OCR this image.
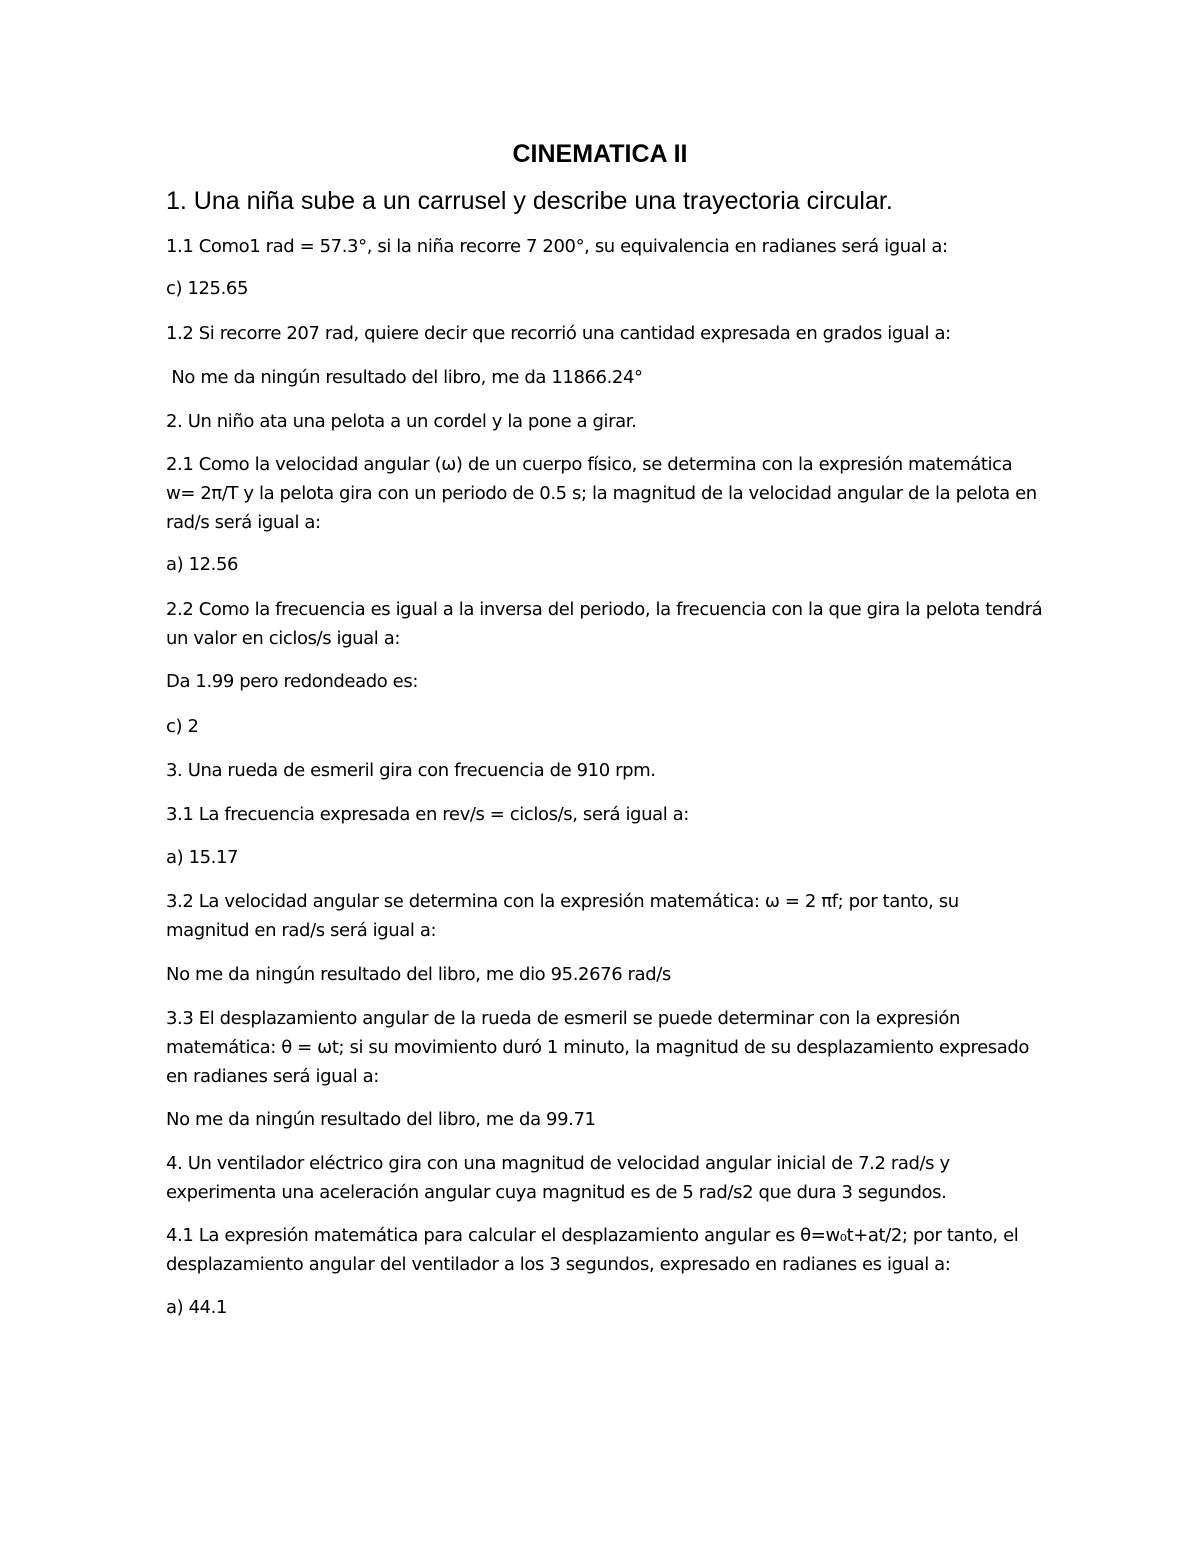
CINEMATICA II
1. Una niña sube a un carrusel y describe una trayectoria circular.

1.1 Como1 rad = 57.3°, si la niña recorre 7 200°, su equivalencia en radianes será igual a:

c) 125.65

1.2 Si recorre 207 rad, quiere decir que recorrió una cantidad expresada en grados igual a:

No me da ningún resultado del libro, me da 11866.24°

2. Un niño ata una pelota a un cordel y la pone a girar.

2.1 Como la velocidad angular (ω) de un cuerpo físico, se determina con la expresión matemática w= 2π/T y la pelota gira con un periodo de 0.5 s; la magnitud de la velocidad angular de la pelota en rad/s será igual a:

a) 12.56

2.2 Como la frecuencia es igual a la inversa del periodo, la frecuencia con la que gira la pelota tendrá un valor en ciclos/s igual a:

Da 1.99 pero redondeado es:

c) 2

3. Una rueda de esmeril gira con frecuencia de 910 rpm.

3.1 La frecuencia expresada en rev/s = ciclos/s, será igual a:

a) 15.17

3.2 La velocidad angular se determina con la expresión matemática: ω = 2 πf; por tanto, su magnitud en rad/s será igual a:

No me da ningún resultado del libro, me dio 95.2676 rad/s

3.3 El desplazamiento angular de la rueda de esmeril se puede determinar con la expresión matemática: θ = ωt; si su movimiento duró 1 minuto, la magnitud de su desplazamiento expresado en radianes será igual a:

No me da ningún resultado del libro, me da 99.71

4. Un ventilador eléctrico gira con una magnitud de velocidad angular inicial de 7.2 rad/s y experimenta una aceleración angular cuya magnitud es de 5 rad/s2 que dura 3 segundos.

4.1 La expresión matemática para calcular el desplazamiento angular es θ=w₀t+at/2; por tanto, el desplazamiento angular del ventilador a los 3 segundos, expresado en radianes es igual a:

a) 44.1
